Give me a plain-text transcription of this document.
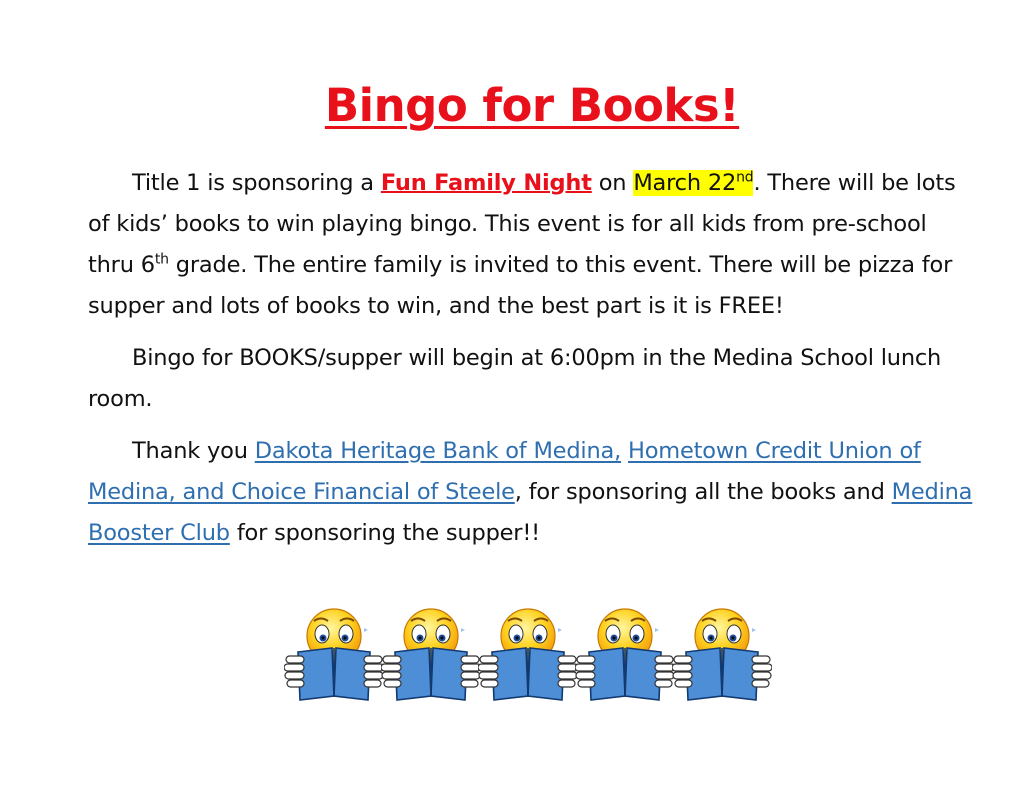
Bingo for Books!

Title 1 is sponsoring a Fun Family Night on March 22nd. There will be lots of kids’ books to win playing bingo. This event is for all kids from pre-school thru 6th grade. The entire family is invited to this event. There will be pizza for supper and lots of books to win, and the best part is it is FREE!

Bingo for BOOKS/supper will begin at 6:00pm in the Medina School lunch room.

Thank you Dakota Heritage Bank of Medina, Hometown Credit Union of Medina, and Choice Financial of Steele, for sponsoring all the books and Medina Booster Club for sponsoring the supper!!
